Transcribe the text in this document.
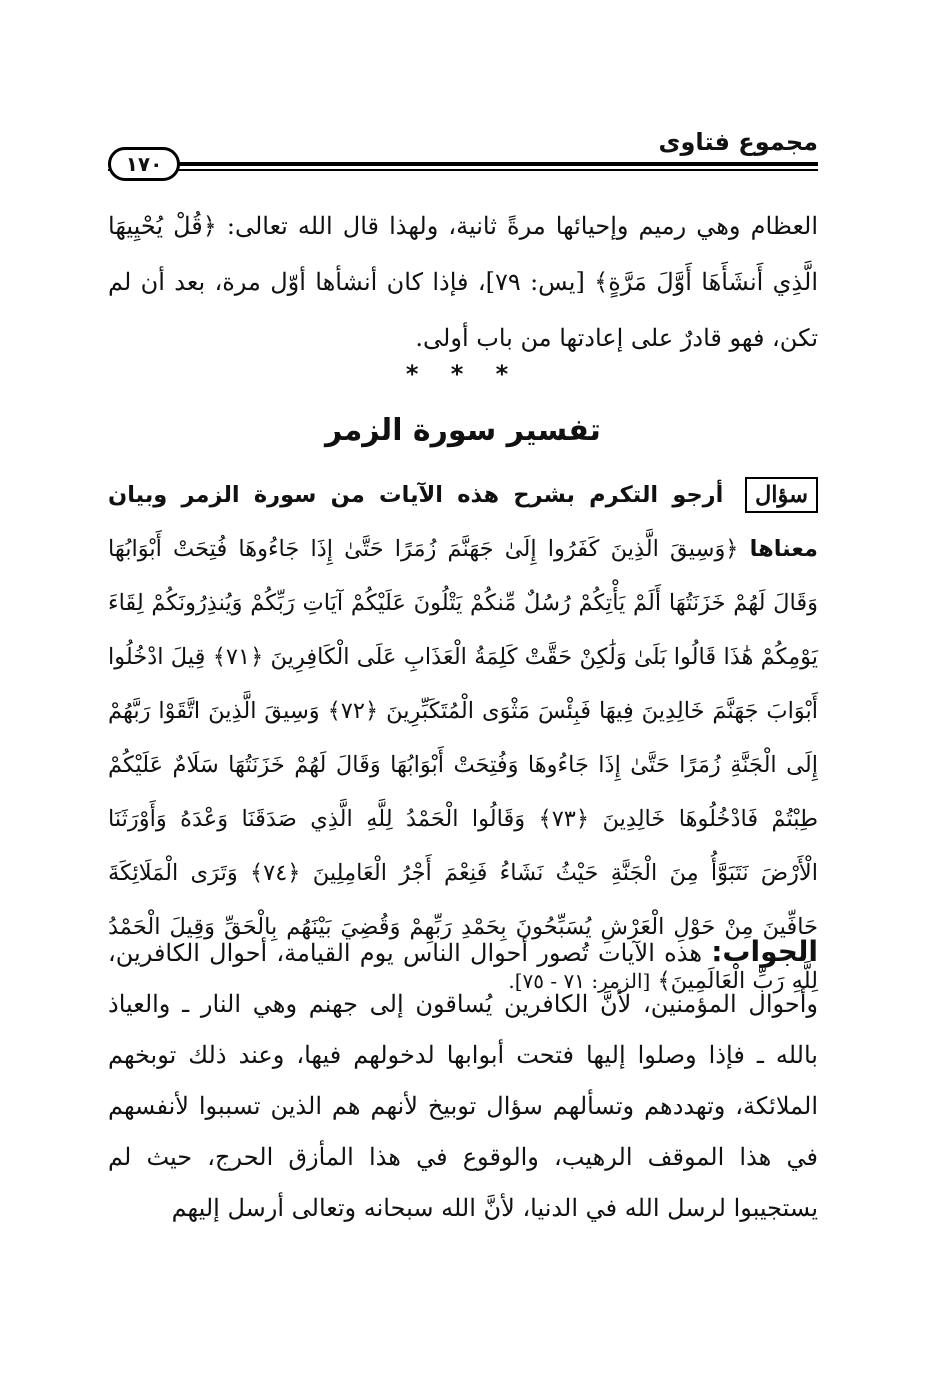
مجموع فتاوى
١٧٠
العظام وهي رميم وإحيائها مرةً ثانية، ولهذا قال الله تعالى: ﴿قُلْ يُحْيِيهَا الَّذِي أَنشَأَهَا أَوَّلَ مَرَّةٍ﴾ [يس: ٧٩]، فإذا كان أنشأها أوّل مرة، بعد أن لم تكن، فهو قادرٌ على إعادتها من باب أولى.
* * *
تفسير سورة الزمر
سؤال أرجو التكرم بشرح هذه الآيات من سورة الزمر وبيان معناها ﴿وَسِيقَ الَّذِينَ كَفَرُوا إِلَىٰ جَهَنَّمَ زُمَرًا حَتَّىٰ إِذَا جَاءُوهَا فُتِحَتْ أَبْوَابُهَا وَقَالَ لَهُمْ خَزَنَتُهَا أَلَمْ يَأْتِكُمْ رُسُلٌ مِّنكُمْ يَتْلُونَ عَلَيْكُمْ آيَاتِ رَبِّكُمْ وَيُنذِرُونَكُمْ لِقَاءَ يَوْمِكُمْ هَٰذَا قَالُوا بَلَىٰ وَلَٰكِنْ حَقَّتْ كَلِمَةُ الْعَذَابِ عَلَى الْكَافِرِينَ ﴿٧١﴾ قِيلَ ادْخُلُوا أَبْوَابَ جَهَنَّمَ خَالِدِينَ فِيهَا فَبِئْسَ مَثْوَى الْمُتَكَبِّرِينَ ﴿٧٢﴾ وَسِيقَ الَّذِينَ اتَّقَوْا رَبَّهُمْ إِلَى الْجَنَّةِ زُمَرًا حَتَّىٰ إِذَا جَاءُوهَا وَفُتِحَتْ أَبْوَابُهَا وَقَالَ لَهُمْ خَزَنَتُهَا سَلَامٌ عَلَيْكُمْ طِبْتُمْ فَادْخُلُوهَا خَالِدِينَ ﴿٧٣﴾ وَقَالُوا الْحَمْدُ لِلَّهِ الَّذِي صَدَقَنَا وَعْدَهُ وَأَوْرَثَنَا الْأَرْضَ نَتَبَوَّأُ مِنَ الْجَنَّةِ حَيْثُ نَشَاءُ فَنِعْمَ أَجْرُ الْعَامِلِينَ ﴿٧٤﴾ وَتَرَى الْمَلَائِكَةَ حَافِّينَ مِنْ حَوْلِ الْعَرْشِ يُسَبِّحُونَ بِحَمْدِ رَبِّهِمْ وَقُضِيَ بَيْنَهُم بِالْحَقِّ وَقِيلَ الْحَمْدُ لِلَّهِ رَبِّ الْعَالَمِينَ﴾ [الزمر: ٧١ - ٧٥].
الجواب: هذه الآيات تُصور أحوال الناس يوم القيامة، أحوال الكافرين، وأحوال المؤمنين، لأنَّ الكافرين يُساقون إلى جهنم وهي النار ـ والعياذ بالله ـ فإذا وصلوا إليها فتحت أبوابها لدخولهم فيها، وعند ذلك توبخهم الملائكة، وتهددهم وتسألهم سؤال توبيخ لأنهم هم الذين تسببوا لأنفسهم في هذا الموقف الرهيب، والوقوع في هذا المأزق الحرج، حيث لم يستجيبوا لرسل الله في الدنيا، لأنَّ الله سبحانه وتعالى أرسل إليهم
